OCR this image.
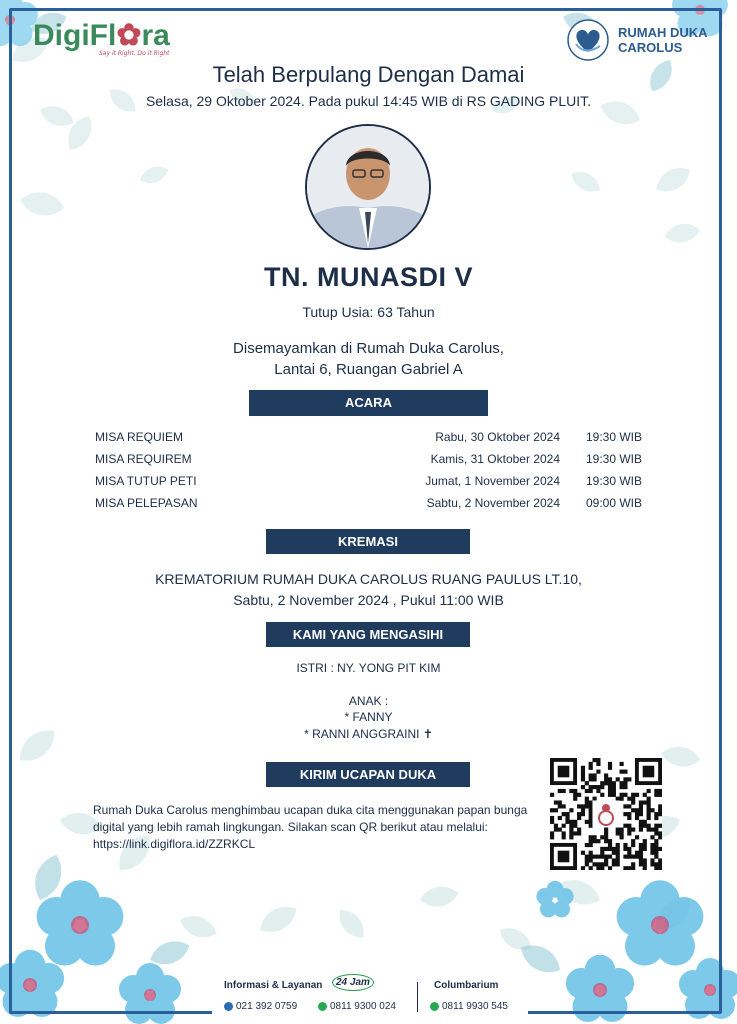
DigiFl✿ra
Say it Right, Do it Right
RUMAH DUKA
CAROLUS
Telah Berpulang Dengan Damai
Selasa, 29 Oktober 2024. Pada pukul 14:45 WIB di RS GADING PLUIT.
TN. MUNASDI V
Tutup Usia: 63 Tahun
Disemayamkan di Rumah Duka Carolus,
Lantai 6, Ruangan Gabriel A
ACARA
MISA REQUIEM	Rabu, 30 Oktober 2024 19:30 WIB
MISA REQUIREM	Kamis, 31 Oktober 2024 19:30 WIB
MISA TUTUP PETI	Jumat, 1 November 2024 19:30 WIB
MISA PELEPASAN	Sabtu, 2 November 2024 09:00 WIB
KREMASI
KREMATORIUM RUMAH DUKA CAROLUS RUANG PAULUS LT.10,
Sabtu, 2 November 2024 , Pukul 11:00 WIB
KAMI YANG MENGASIHI
ISTRI : NY. YONG PIT KIM
ANAK :
* FANNY
* RANNI ANGGRAINI ✝
KIRIM UCAPAN DUKA
Rumah Duka Carolus menghimbau ucapan duka cita menggunakan papan bunga digital yang lebih ramah lingkungan. Silakan scan QR berikut atau melalui: https://link.digiflora.id/ZZRKCL
Informasi & Layanan	24 Jam
021 392 0759	0811 9300 024
Columbarium
0811 9930 545
